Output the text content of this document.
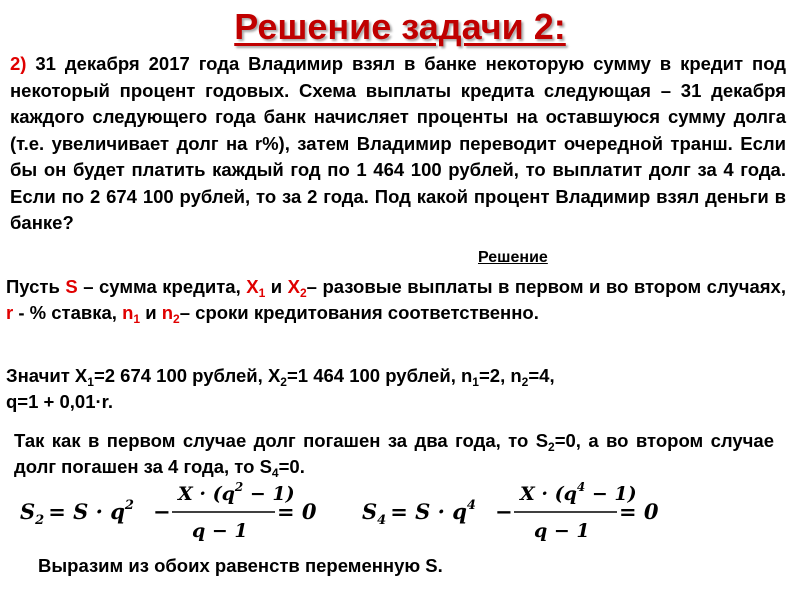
Решение задачи 2:
2) 31 декабря 2017 года Владимир взял в банке некоторую сумму в кредит под некоторый процент годовых. Схема выплаты кредита следующая – 31 декабря каждого следующего года банк начисляет проценты на оставшуюся сумму долга (т.е. увеличивает долг на r%), затем Владимир переводит очередной транш. Если бы он будет платить каждый год по 1 464 100 рублей, то выплатит долг за 4 года. Если по 2 674 100 рублей, то за 2 года. Под какой процент Владимир взял деньги в банке?
Решение
Пусть S – сумма кредита, $X_1$ и $X_2-$ разовые выплаты в первом и во втором случаях, r - % ставка, $n_1$ и $n_2-$ сроки кредитования соответственно.
Значит $X_1=2$ 674 100 рублей, $X_2=1$ 464 100 рублей, $n_1=2$, $n_2=4$,
q=1 + 0,01·r.
Так как в первом случае долг погашен за два года, то $S_2=0$, а во втором случае долг погашен за 4 года, то $S_4=0$.
$S_2 = S \cdot q^2$ −
$X \cdot (q^2 - 1)$
q − 1
= 0 $S_4 = S \cdot q^4$ −
$X \cdot (q^4 - 1)$
q − 1
= 0
Выразим из обоих равенств переменную S.
